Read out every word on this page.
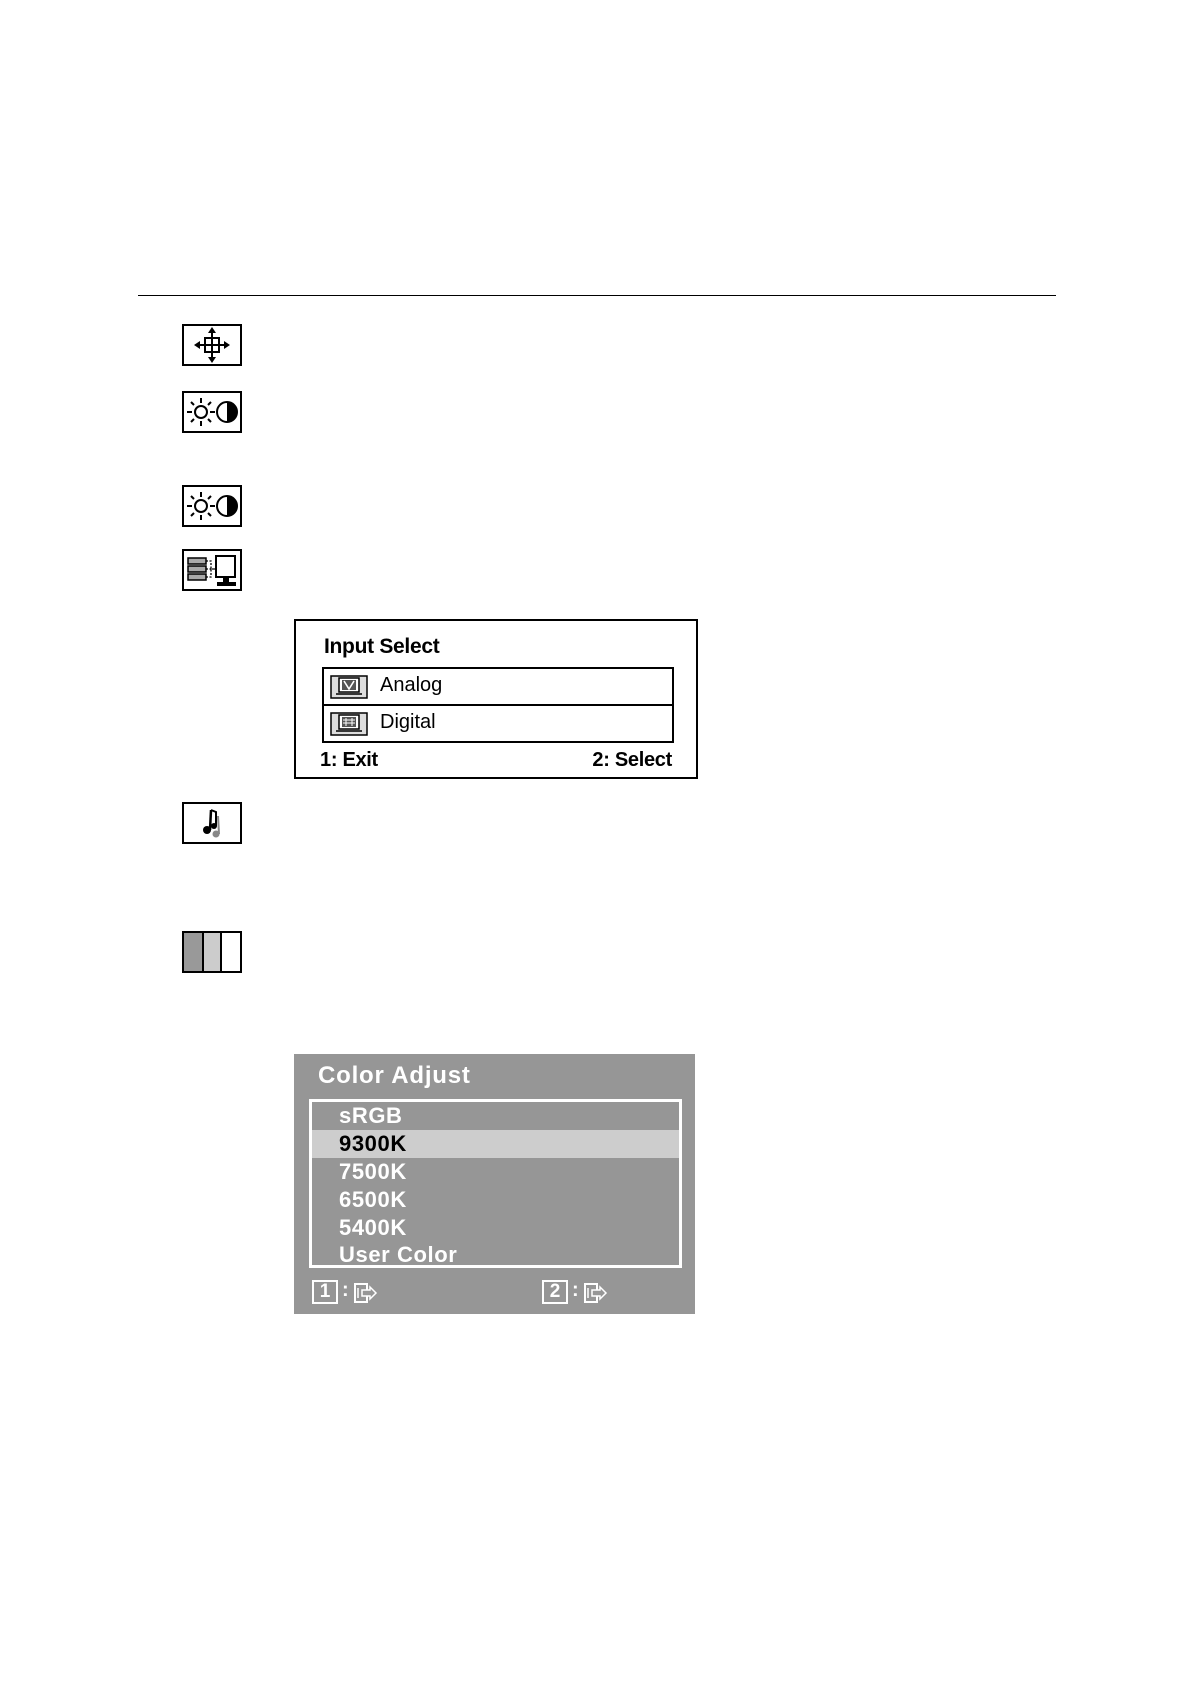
Input Select
Analog
Digital
1: Exit	2: Select
Color Adjust
sRGB
9300K
7500K
6500K
5400K
User Color
1 :	2 :
